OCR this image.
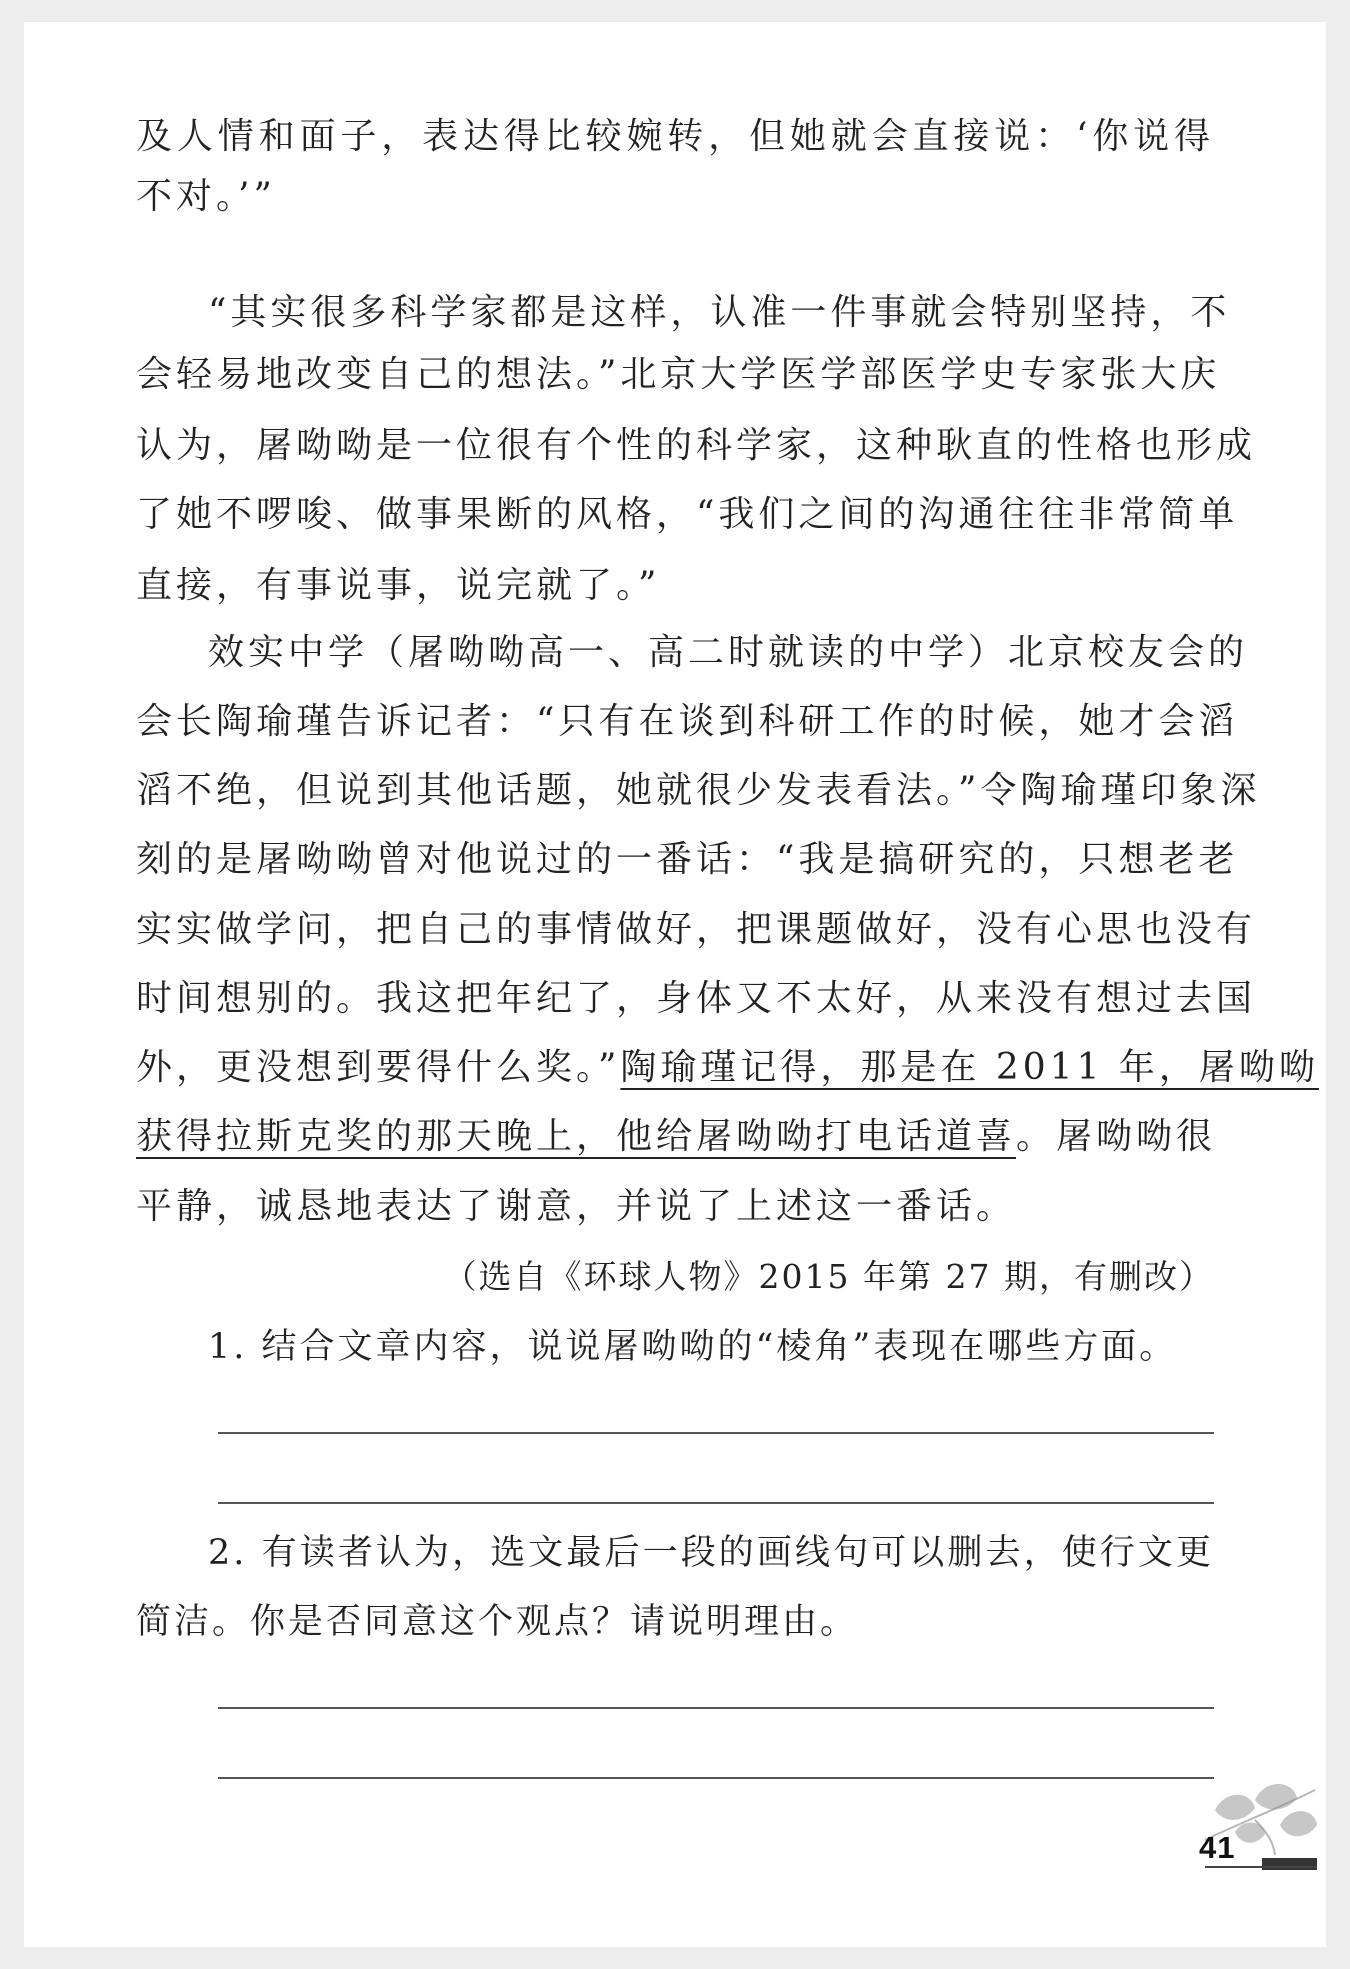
及人情和面子，表达得比较婉转，但她就会直接说：‘你说得
不对。’”
“其实很多科学家都是这样，认准一件事就会特别坚持，不
会轻易地改变自己的想法。”北京大学医学部医学史专家张大庆
认为，屠呦呦是一位很有个性的科学家，这种耿直的性格也形成
了她不啰唆、做事果断的风格，“我们之间的沟通往往非常简单
直接，有事说事，说完就了。”
效实中学（屠呦呦高一、高二时就读的中学）北京校友会的
会长陶瑜瑾告诉记者：“只有在谈到科研工作的时候，她才会滔
滔不绝，但说到其他话题，她就很少发表看法。”令陶瑜瑾印象深
刻的是屠呦呦曾对他说过的一番话：“我是搞研究的，只想老老
实实做学问，把自己的事情做好，把课题做好，没有心思也没有
时间想别的。我这把年纪了，身体又不太好，从来没有想过去国
外，更没想到要得什么奖。”陶瑜瑾记得，那是在 2011 年，屠呦呦
获得拉斯克奖的那天晚上，他给屠呦呦打电话道喜。屠呦呦很
平静，诚恳地表达了谢意，并说了上述这一番话。
（选自《环球人物》2015 年第 27 期，有删改）
1. 结合文章内容，说说屠呦呦的“棱角”表现在哪些方面。
2. 有读者认为，选文最后一段的画线句可以删去，使行文更
简洁。你是否同意这个观点？请说明理由。
41
